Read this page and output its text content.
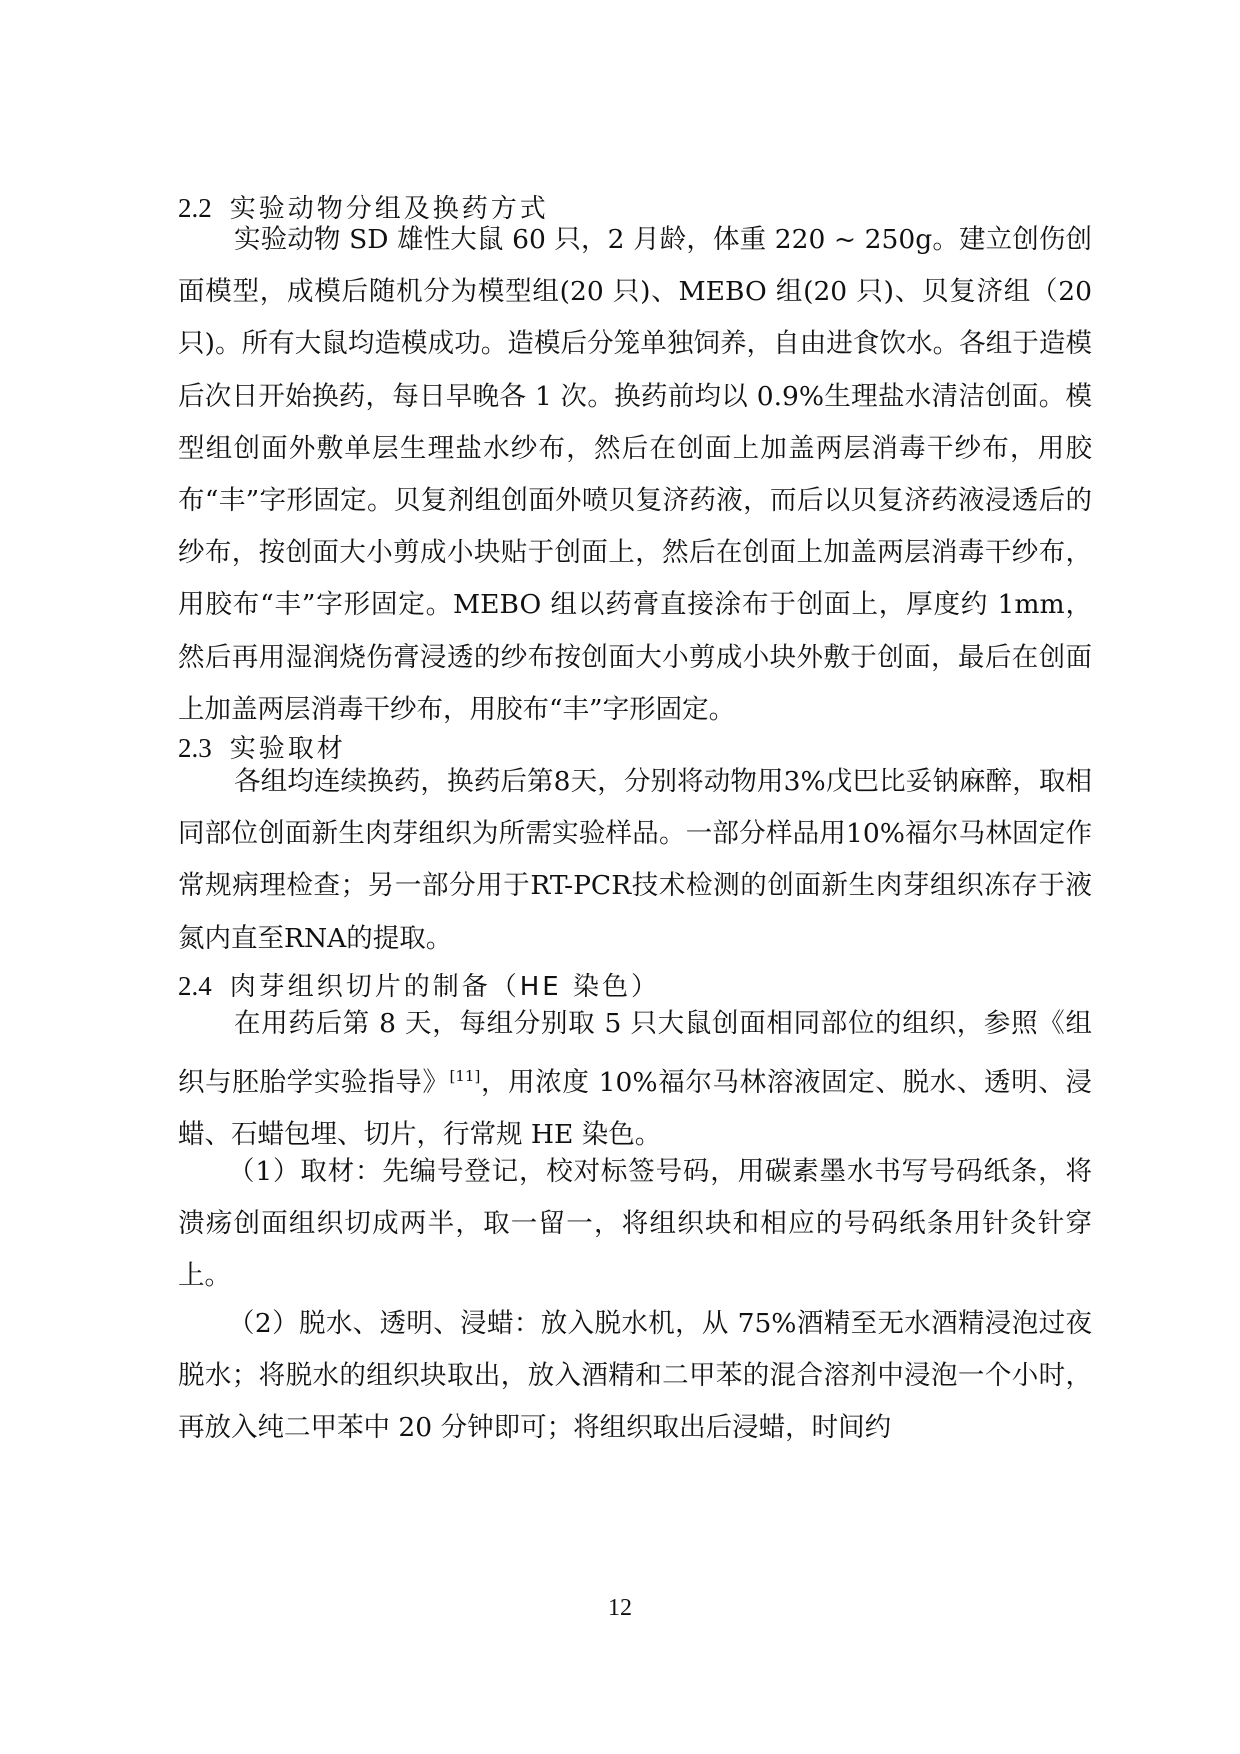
2.2 实验动物分组及换药方式

实验动物 SD 雄性大鼠 60 只，2 月龄，体重 220 ~ 250g。建立创伤创面模型，成模后随机分为模型组(20 只)、MEBO 组(20 只)、贝复济组（20 只)。所有大鼠均造模成功。造模后分笼单独饲养，自由进食饮水。各组于造模后次日开始换药，每日早晚各 1 次。换药前均以 0.9%生理盐水清洁创面。模型组创面外敷单层生理盐水纱布，然后在创面上加盖两层消毒干纱布，用胶布“丰”字形固定。贝复剂组创面外喷贝复济药液，而后以贝复济药液浸透后的纱布，按创面大小剪成小块贴于创面上，然后在创面上加盖两层消毒干纱布，用胶布“丰”字形固定。MEBO 组以药膏直接涂布于创面上，厚度约 1mm，然后再用湿润烧伤膏浸透的纱布按创面大小剪成小块外敷于创面，最后在创面上加盖两层消毒干纱布，用胶布“丰”字形固定。

2.3 实验取材

各组均连续换药，换药后第8天，分别将动物用3%戊巴比妥钠麻醉，取相同部位创面新生肉芽组织为所需实验样品。一部分样品用10%福尔马林固定作常规病理检查；另一部分用于RT-PCR技术检测的创面新生肉芽组织冻存于液氮内直至RNA的提取。

2.4 肉芽组织切片的制备（HE 染色）

在用药后第 8 天，每组分别取 5 只大鼠创面相同部位的组织，参照《组织与胚胎学实验指导》[11]，用浓度 10%福尔马林溶液固定、脱水、透明、浸蜡、石蜡包埋、切片，行常规 HE 染色。

（1）取材：先编号登记，校对标签号码，用碳素墨水书写号码纸条，将溃疡创面组织切成两半，取一留一，将组织块和相应的号码纸条用针灸针穿上。

（2）脱水、透明、浸蜡：放入脱水机，从 75%酒精至无水酒精浸泡过夜脱水；将脱水的组织块取出，放入酒精和二甲苯的混合溶剂中浸泡一个小时，再放入纯二甲苯中 20 分钟即可；将组织取出后浸蜡，时间约

12
